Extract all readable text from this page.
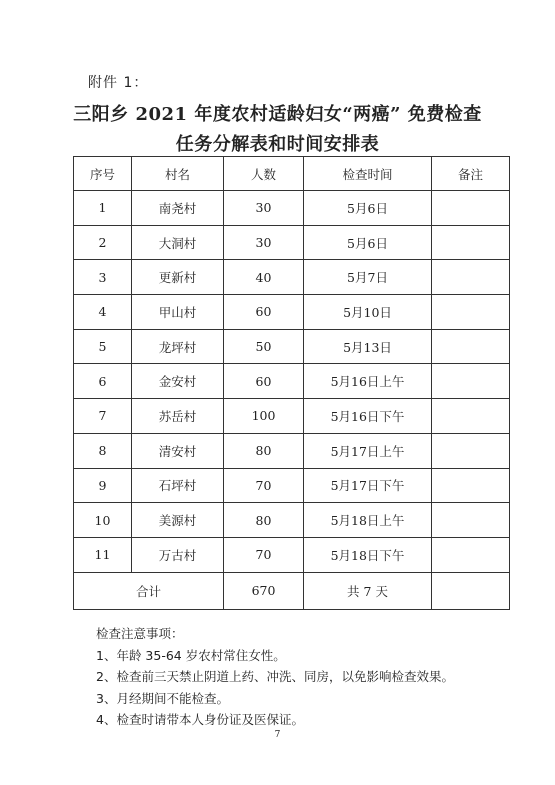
附件 1：
三阳乡 2021 年度农村适龄妇女“两癌” 免费检查
任务分解表和时间安排表
序号	村名	人数	检查时间	备注
1	南尧村	30	5月6日	
2	大洞村	30	5月6日	
3	更新村	40	5月7日	
4	甲山村	60	5月10日	
5	龙坪村	50	5月13日	
6	金安村	60	5月16日上午	
7	苏岳村	100	5月16日下午	
8	清安村	80	5月17日上午	
9	石坪村	70	5月17日下午	
10	美源村	80	5月18日上午	
11	万古村	70	5月18日下午	
合计		670	共 7 天	
检查注意事项：
1、年龄 35-64 岁农村常住女性。
2、检查前三天禁止阴道上药、冲洗、同房，以免影响检查效果。
3、月经期间不能检查。
4、检查时请带本人身份证及医保证。
7
